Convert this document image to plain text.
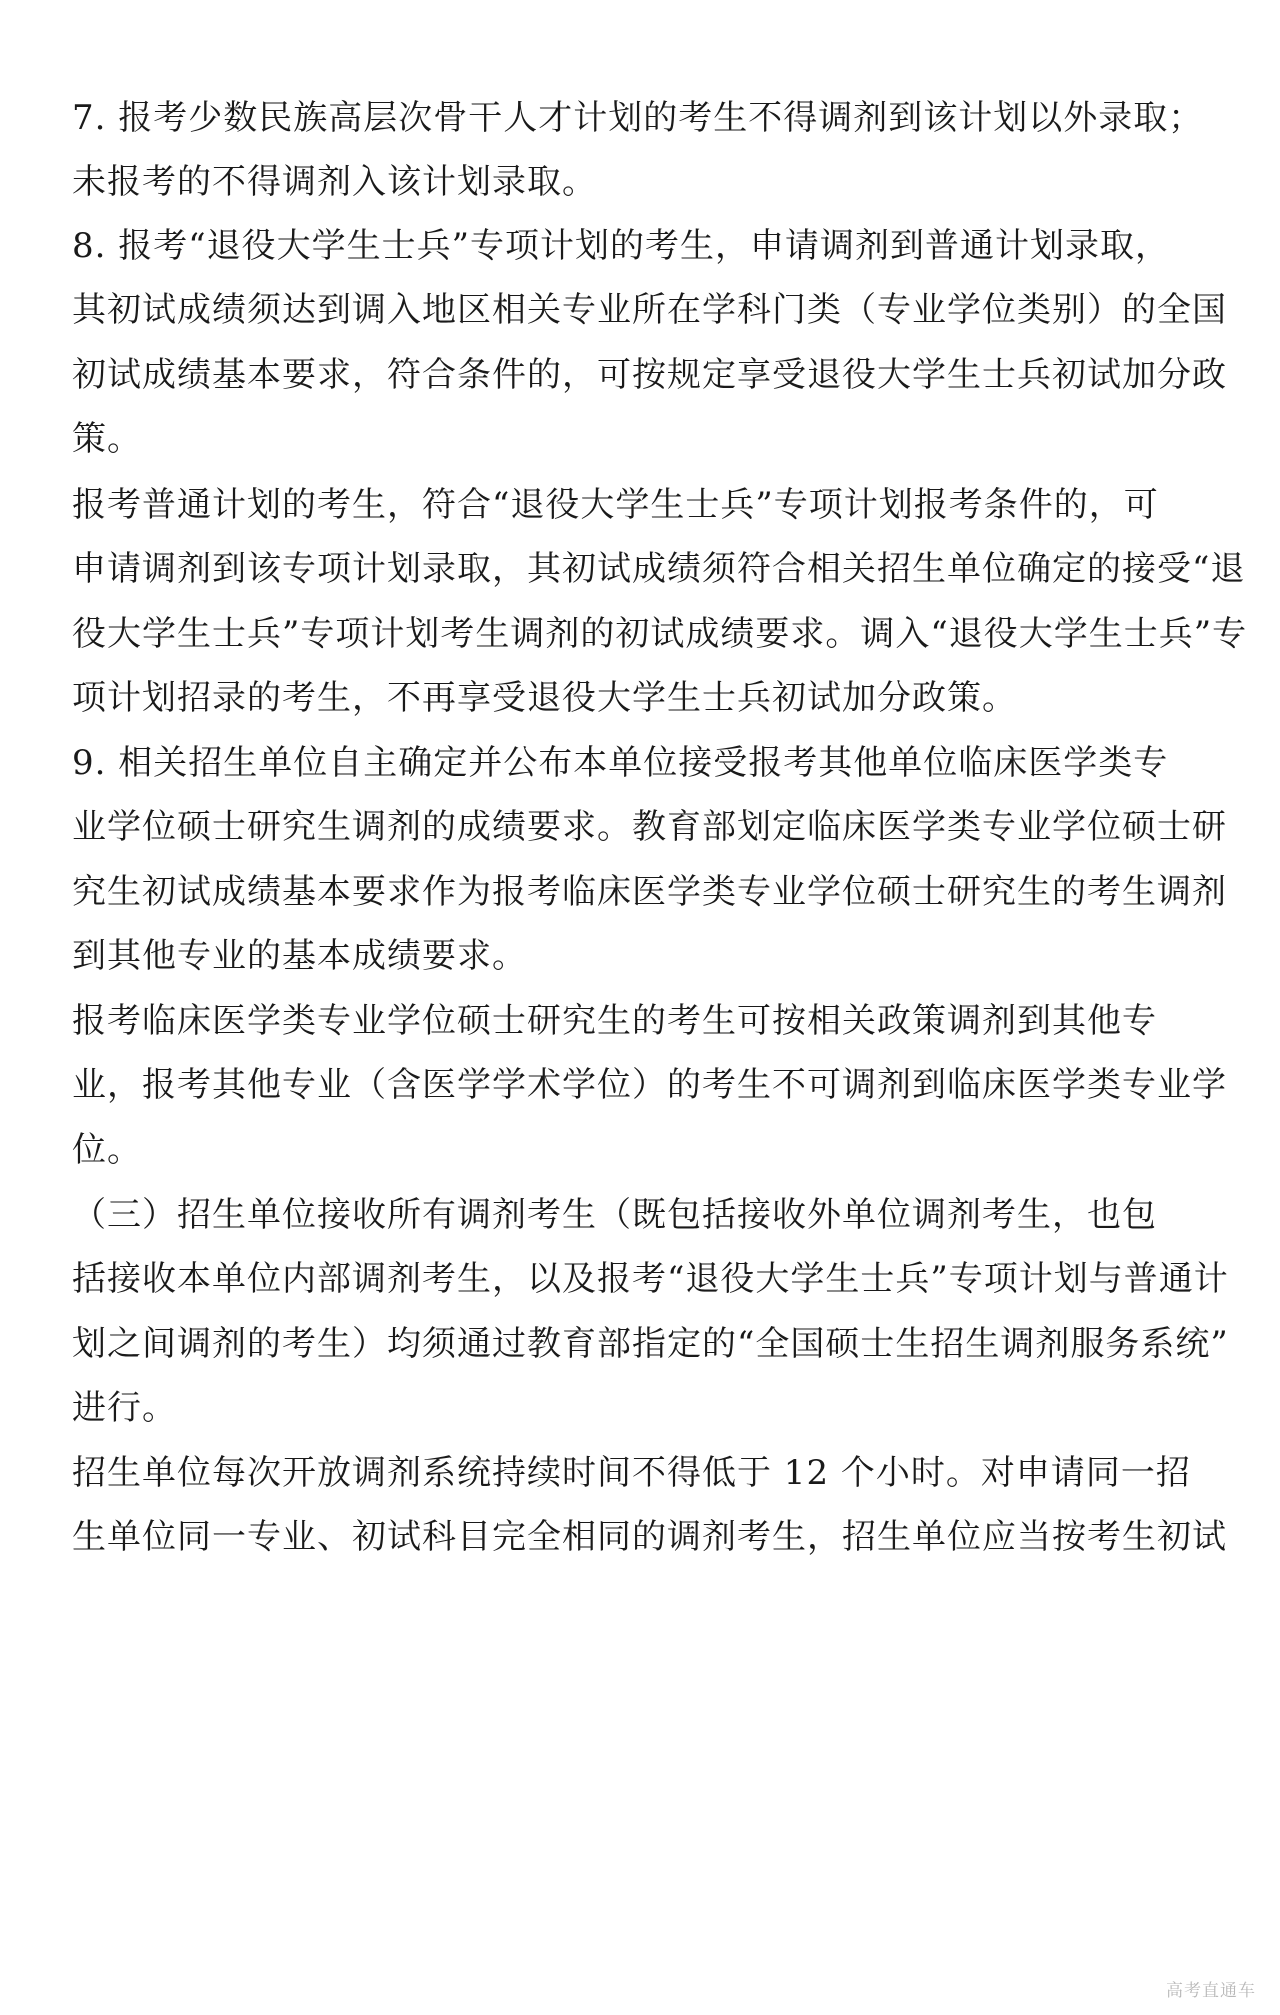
7. 报考少数民族高层次骨干人才计划的考生不得调剂到该计划以外录取；
未报考的不得调剂入该计划录取。
8. 报考“退役大学生士兵”专项计划的考生，申请调剂到普通计划录取，
其初试成绩须达到调入地区相关专业所在学科门类（专业学位类别）的全国
初试成绩基本要求，符合条件的，可按规定享受退役大学生士兵初试加分政
策。
报考普通计划的考生，符合“退役大学生士兵”专项计划报考条件的，可
申请调剂到该专项计划录取，其初试成绩须符合相关招生单位确定的接受“退
役大学生士兵”专项计划考生调剂的初试成绩要求。调入“退役大学生士兵”专
项计划招录的考生，不再享受退役大学生士兵初试加分政策。
9. 相关招生单位自主确定并公布本单位接受报考其他单位临床医学类专
业学位硕士研究生调剂的成绩要求。教育部划定临床医学类专业学位硕士研
究生初试成绩基本要求作为报考临床医学类专业学位硕士研究生的考生调剂
到其他专业的基本成绩要求。
报考临床医学类专业学位硕士研究生的考生可按相关政策调剂到其他专
业，报考其他专业（含医学学术学位）的考生不可调剂到临床医学类专业学
位。
（三）招生单位接收所有调剂考生（既包括接收外单位调剂考生，也包
括接收本单位内部调剂考生，以及报考“退役大学生士兵”专项计划与普通计
划之间调剂的考生）均须通过教育部指定的“全国硕士生招生调剂服务系统”
进行。
招生单位每次开放调剂系统持续时间不得低于 12 个小时。对申请同一招
生单位同一专业、初试科目完全相同的调剂考生，招生单位应当按考生初试
高考直通车
